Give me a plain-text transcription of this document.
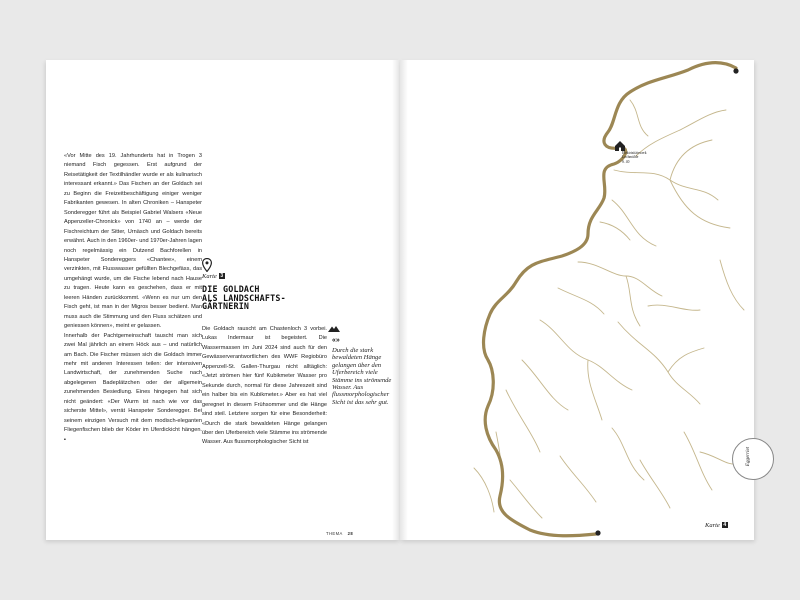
«Vor Mitte des 19. Jahrhunderts hat in Trogen 3 niemand Fisch gegessen. Erst aufgrund der Reisetätigkeit der Textilhändler wurde er als kulinarisch interessant erkannt.» Das Fischen an der Goldach sei zu Beginn die Freizeitbeschäftigung einiger weniger Fabrikanten gewesen. In alten Chroniken – Hanspeter Sonderegger führt als Beispiel Gabriel Walsers «Neue Appenzeller-Chronick» von 1740 an – werde der Fischreichtum der Sitter, Urnäsch und Goldach bereits erwähnt. Auch in den 1960er- und 1970er-Jahren lagen noch regelmässig ein Dutzend Bachforellen in Hanspeter Sondereggers «Chantee», einem verzinkten, mit Flusswasser gefüllten Blechgefäss, das umgehängt wurde, um die Fische lebend nach Hause zu tragen. Heute kann es geschehen, dass er mit leeren Händen zurückkommt. «Wenn es nur um den Fisch geht, ist man in der Migros besser bedient. Man muss auch die Stimmung und den Fluss schätzen und geniessen können», meint er gelassen.

Innerhalb der Pachtgemeinschaft tauscht man sich zwei Mal jährlich an einem Höck aus – und natürlich am Bach. Die Fischer müssen sich die Goldach immer mehr mit anderen Interessen teilen: der intensiven Landwirtschaft, der zunehmenden Suche nach abgelegenen Badeplätzchen oder der allgemein zunehmenden Besiedlung. Eines hingegen hat sich nicht geändert: «Der Wurm ist nach wie vor das sicherste Mittel», verrät Hanspeter Sonderegger. Bei seinem einzigen Versuch mit dem modisch-eleganten Fliegenfischen blieb der Köder im Uferdickicht hängen. ▪

Karte 3
DIE GOLDACH
ALS LANDSCHAFTS-
GÄRTNERIN
Die Goldach rauscht am Chastenloch 3 vorbei. Lukas Indermaur ist begeistert. Die Wassermassen im Juni 2024 sind auch für den Gewässerverantwortlichen des WWF Regiobüro Appenzell-St. Gallen-Thurgau nicht alltäglich: «Jetzt strömen hier fünf Kubikmeter Wasser pro Sekunde durch, normal für diese Jahreszeit sind ein halber bis ein Kubikmeter.» Aber es hat viel geregnet in diesem Frühsommer und die Hänge sind steil. Letztere sorgen für eine Besonderheit: «Durch die stark bewaldeten Hänge gelangen über den Uferbereich viele Stämme ins strömende Wasser. Aus flussmorphologischer Sicht ist
«»
Durch die stark bewaldeten Hänge gelangen über den Uferbereich viele Stämme ins strömende Wasser. Aus flussmorphologischer Sicht ist das sehr gut.
THEMA 28
Elektrizitätswerk
Lochmühle
S. 40
Eggerriet
Karte 4
